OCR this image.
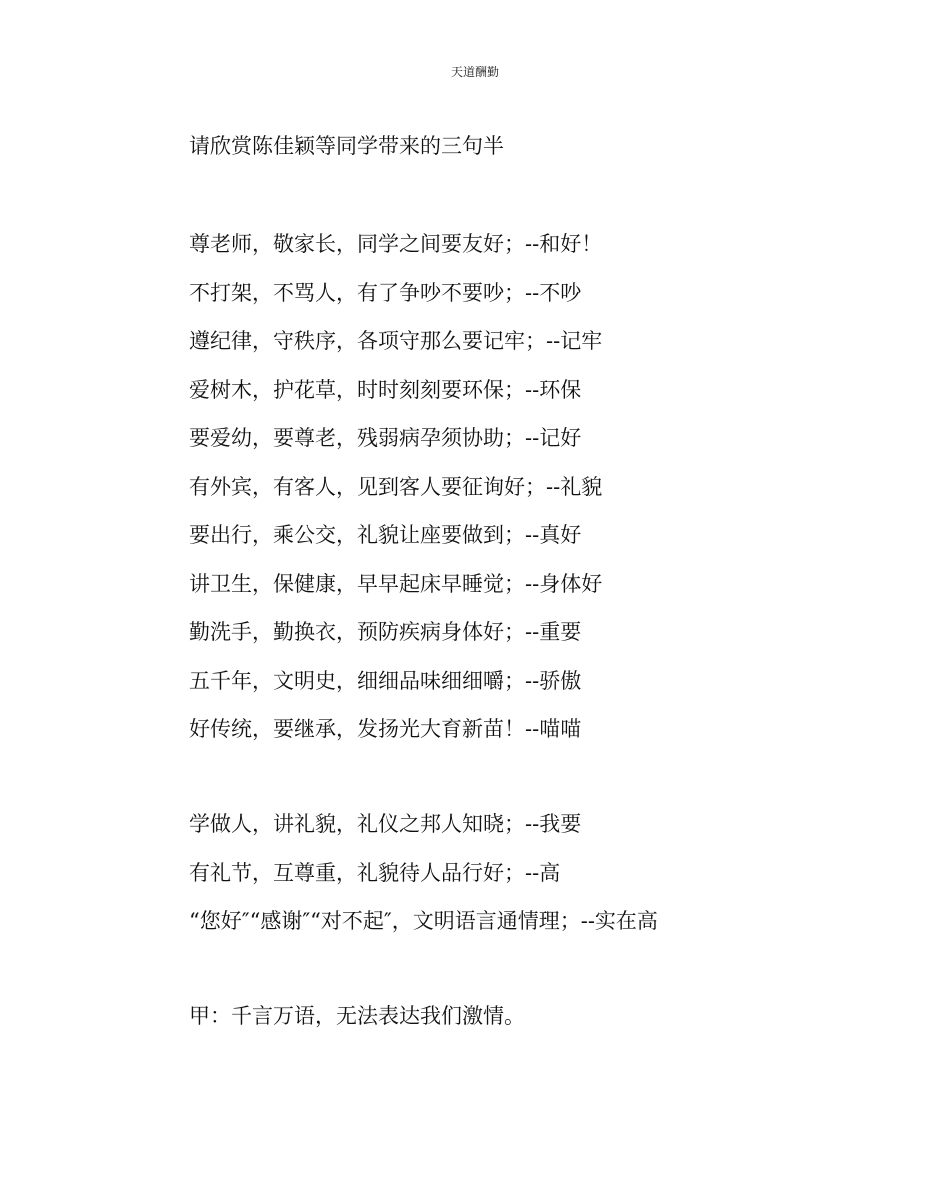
天道酬勤
请欣赏陈佳颖等同学带来的三句半
尊老师，敬家长，同学之间要友好；--和好！
不打架，不骂人，有了争吵不要吵；--不吵
遵纪律，守秩序，各项守那么要记牢；--记牢
爱树木，护花草，时时刻刻要环保；--环保
要爱幼，要尊老，残弱病孕须协助；--记好
有外宾，有客人，见到客人要征询好；--礼貌
要出行，乘公交，礼貌让座要做到；--真好
讲卫生，保健康，早早起床早睡觉；--身体好
勤洗手，勤换衣，预防疾病身体好；--重要
五千年，文明史，细细品味细细嚼；--骄傲
好传统，要继承，发扬光大育新苗！--喵喵
学做人，讲礼貌，礼仪之邦人知晓；--我要
有礼节，互尊重，礼貌待人品行好；--高
“您好″“感谢″“对不起″，文明语言通情理；--实在高
甲：千言万语，无法表达我们激情。
